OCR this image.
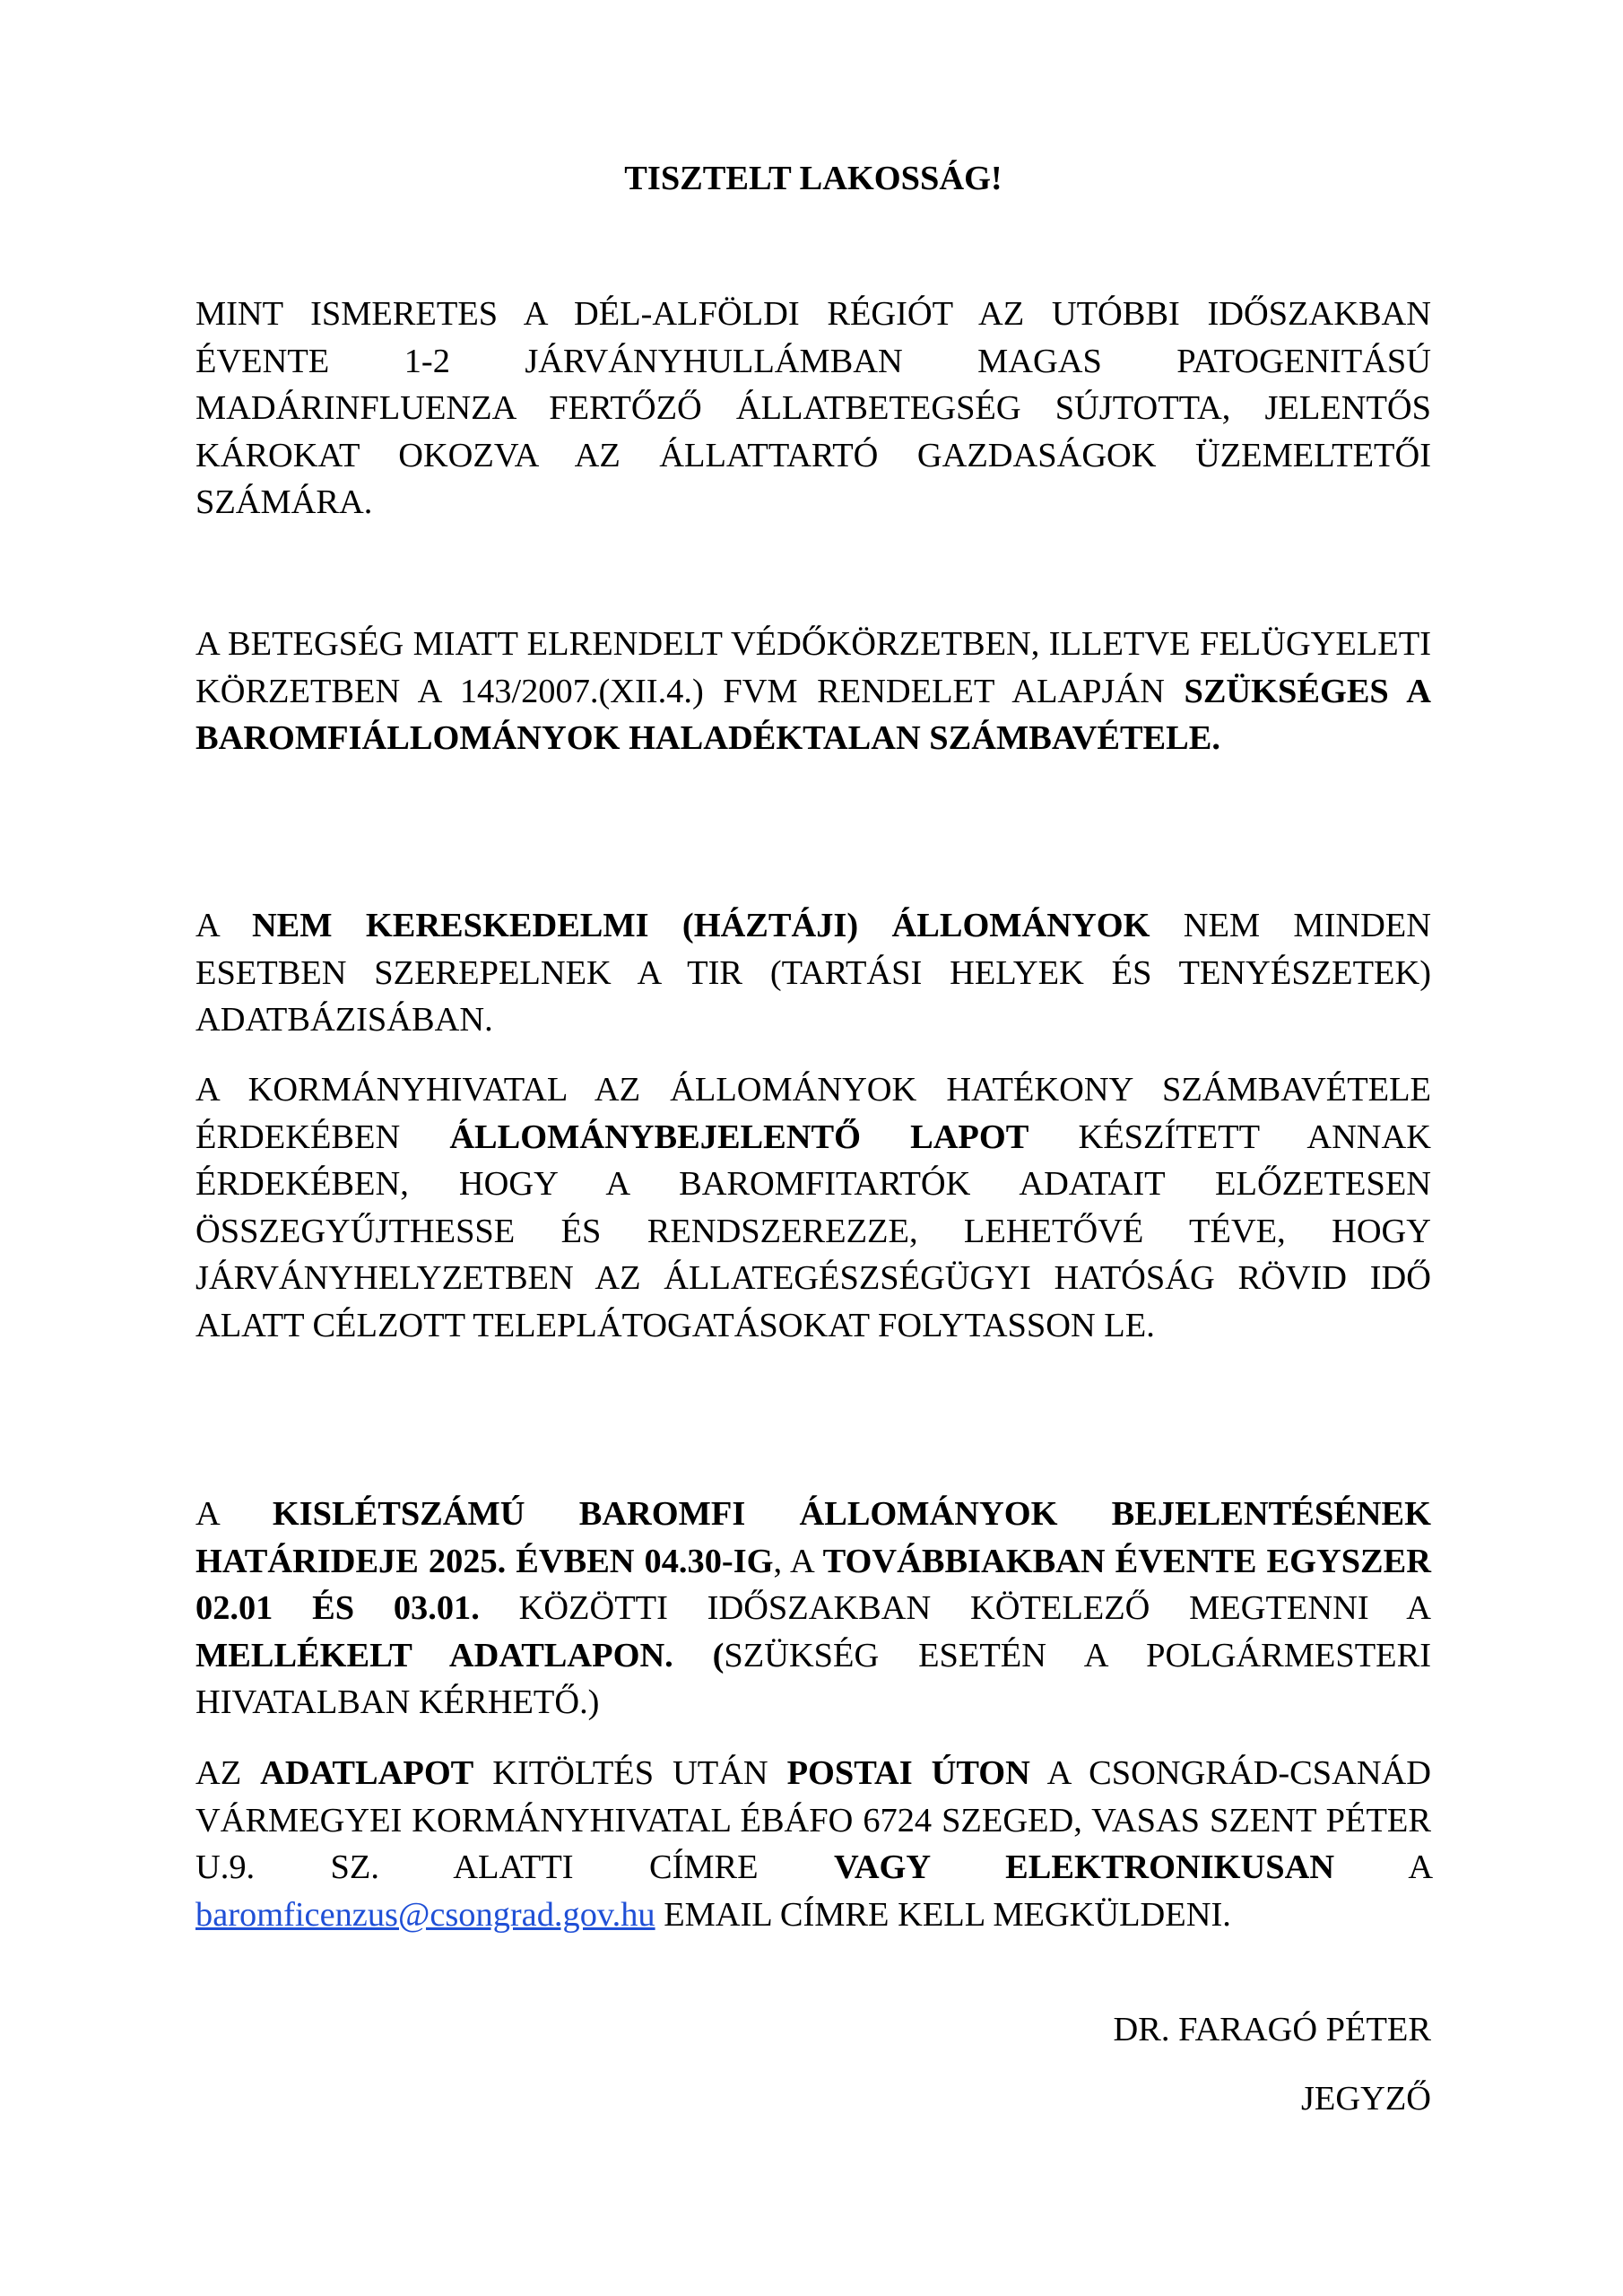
TISZTELT LAKOSSÁG!

MINT ISMERETES A DÉL-ALFÖLDI RÉGIÓT AZ UTÓBBI IDŐSZAKBAN ÉVENTE 1-2 JÁRVÁNYHULLÁMBAN MAGAS PATOGENITÁSÚ MADÁRINFLUENZA FERTŐZŐ ÁLLATBETEGSÉG SÚJTOTTA, JELENTŐS KÁROKAT OKOZVA AZ ÁLLATTARTÓ GAZDASÁGOK ÜZEMELTETŐI SZÁMÁRA.

A BETEGSÉG MIATT ELRENDELT VÉDŐKÖRZETBEN, ILLETVE FELÜGYELETI KÖRZETBEN A 143/2007.(XII.4.) FVM RENDELET ALAPJÁN SZÜKSÉGES A BAROMFIÁLLOMÁNYOK HALADÉKTALAN SZÁMBAVÉTELE.

A NEM KERESKEDELMI (HÁZTÁJI) ÁLLOMÁNYOK NEM MINDEN ESETBEN SZEREPELNEK A TIR (TARTÁSI HELYEK ÉS TENYÉSZETEK) ADATBÁZISÁBAN.

A KORMÁNYHIVATAL AZ ÁLLOMÁNYOK HATÉKONY SZÁMBAVÉTELE ÉRDEKÉBEN ÁLLOMÁNYBEJELENTŐ LAPOT KÉSZÍTETT ANNAK ÉRDEKÉBEN, HOGY A BAROMFITARTÓK ADATAIT ELŐZETESEN ÖSSZEGYŰJTHESSE ÉS RENDSZEREZZE, LEHETŐVÉ TÉVE, HOGY JÁRVÁNYHELYZETBEN AZ ÁLLATEGÉSZSÉGÜGYI HATÓSÁG RÖVID IDŐ ALATT CÉLZOTT TELEPLÁTOGATÁSOKAT FOLYTASSON LE.

A KISLÉTSZÁMÚ BAROMFI ÁLLOMÁNYOK BEJELENTÉSÉNEK HATÁRIDEJE 2025. ÉVBEN 04.30-IG, A TOVÁBBIAKBAN ÉVENTE EGYSZER 02.01 ÉS 03.01. KÖZÖTTI IDŐSZAKBAN KÖTELEZŐ MEGTENNI A MELLÉKELT ADATLAPON. (SZÜKSÉG ESETÉN A POLGÁRMESTERI HIVATALBAN KÉRHETŐ.)

AZ ADATLAPOT KITÖLTÉS UTÁN POSTAI ÚTON A CSONGRÁD-CSANÁD VÁRMEGYEI KORMÁNYHIVATAL ÉBÁFO 6724 SZEGED, VASAS SZENT PÉTER U.9. SZ. ALATTI CÍMRE VAGY ELEKTRONIKUSAN A baromficenzus@csongrad.gov.hu EMAIL CÍMRE KELL MEGKÜLDENI.

DR. FARAGÓ PÉTER
JEGYZŐ
